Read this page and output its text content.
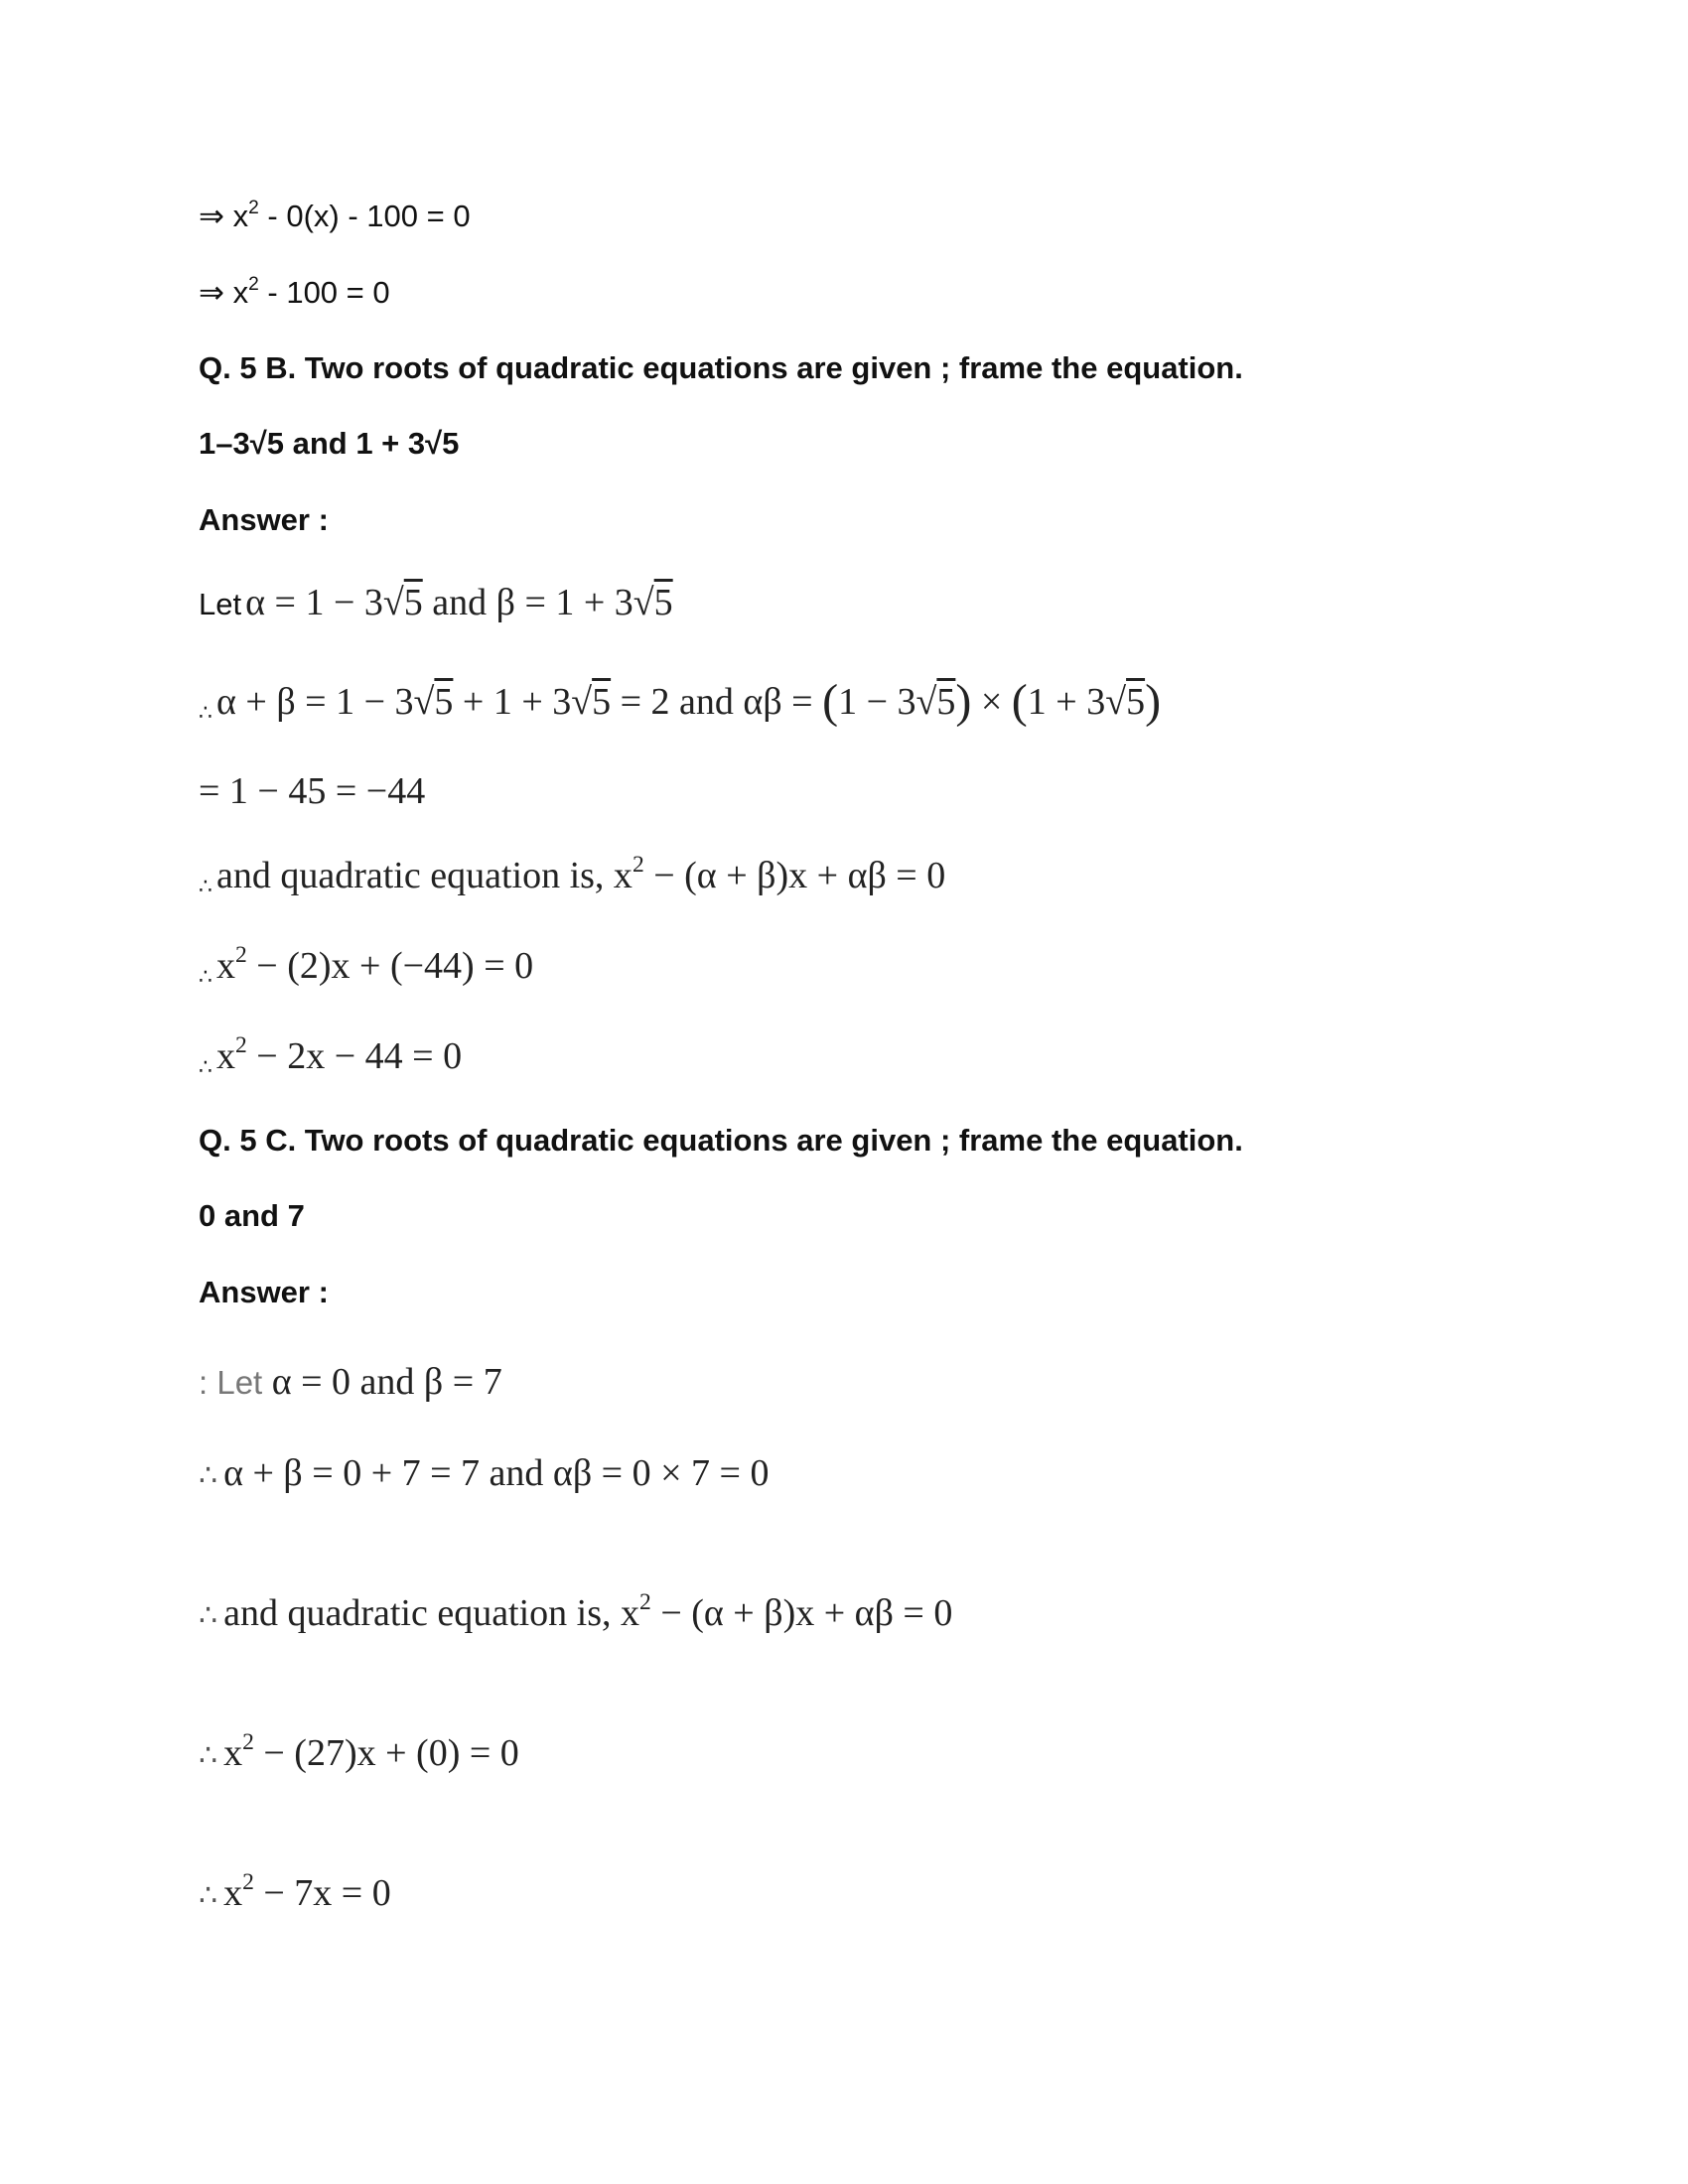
⇒ $x^2 - 0(x) - 100 = 0$
⇒ $x^2 - 100 = 0$
Q. 5 B. Two roots of quadratic equations are given ; frame the equation.
1–3√5 and 1 + 3√5
Answer :
Let α = 1 − 3√5 and β = 1 + 3√5
∴ α + β = 1 − 3√5 + 1 + 3√5 = 2 and αβ = (1 − 3√5) × (1 + 3√5)
= 1 − 45 = −44
∴ and quadratic equation is, $x^2 - (\alpha + \beta)x + \alpha\beta = 0$
∴ $x^2 - (2)x + (-44) = 0$
∴ $x^2 - 2x - 44 = 0$
Q. 5 C. Two roots of quadratic equations are given ; frame the equation.
0 and 7
Answer :
: Let α = 0 and β = 7
∴ α + β = 0 + 7 = 7 and αβ = 0 × 7 = 0
∴ and quadratic equation is, $x^2 - (\alpha + \beta)x + \alpha\beta = 0$
∴ $x^2 - (27)x + (0) = 0$
∴ $x^2 - 7x = 0$
